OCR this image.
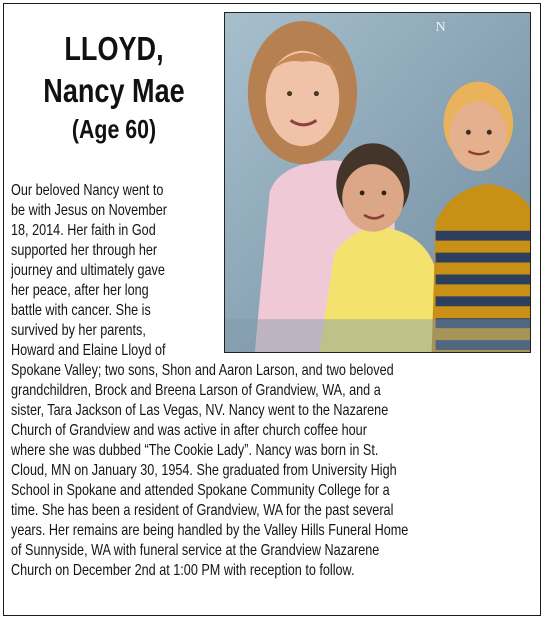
LLOYD,
Nancy Mae
(Age 60)
N
Our beloved Nancy went to
be with Jesus on November
18, 2014. Her faith in God
supported her through her
journey and ultimately gave
her peace, after her long
battle with cancer. She is
survived by her parents,
Howard and Elaine Lloyd of
Spokane Valley; two sons, Shon and Aaron Larson, and two beloved
grandchildren, Brock and Breena Larson of Grandview, WA, and a
sister, Tara Jackson of Las Vegas, NV. Nancy went to the Nazarene
Church of Grandview and was active in after church coffee hour
where she was dubbed “The Cookie Lady”. Nancy was born in St.
Cloud, MN on January 30, 1954. She graduated from University High
School in Spokane and attended Spokane Community College for a
time. She has been a resident of Grandview, WA for the past several
years. Her remains are being handled by the Valley Hills Funeral Home
of Sunnyside, WA with funeral service at the Grandview Nazarene
Church on December 2nd at 1:00 PM with reception to follow.
